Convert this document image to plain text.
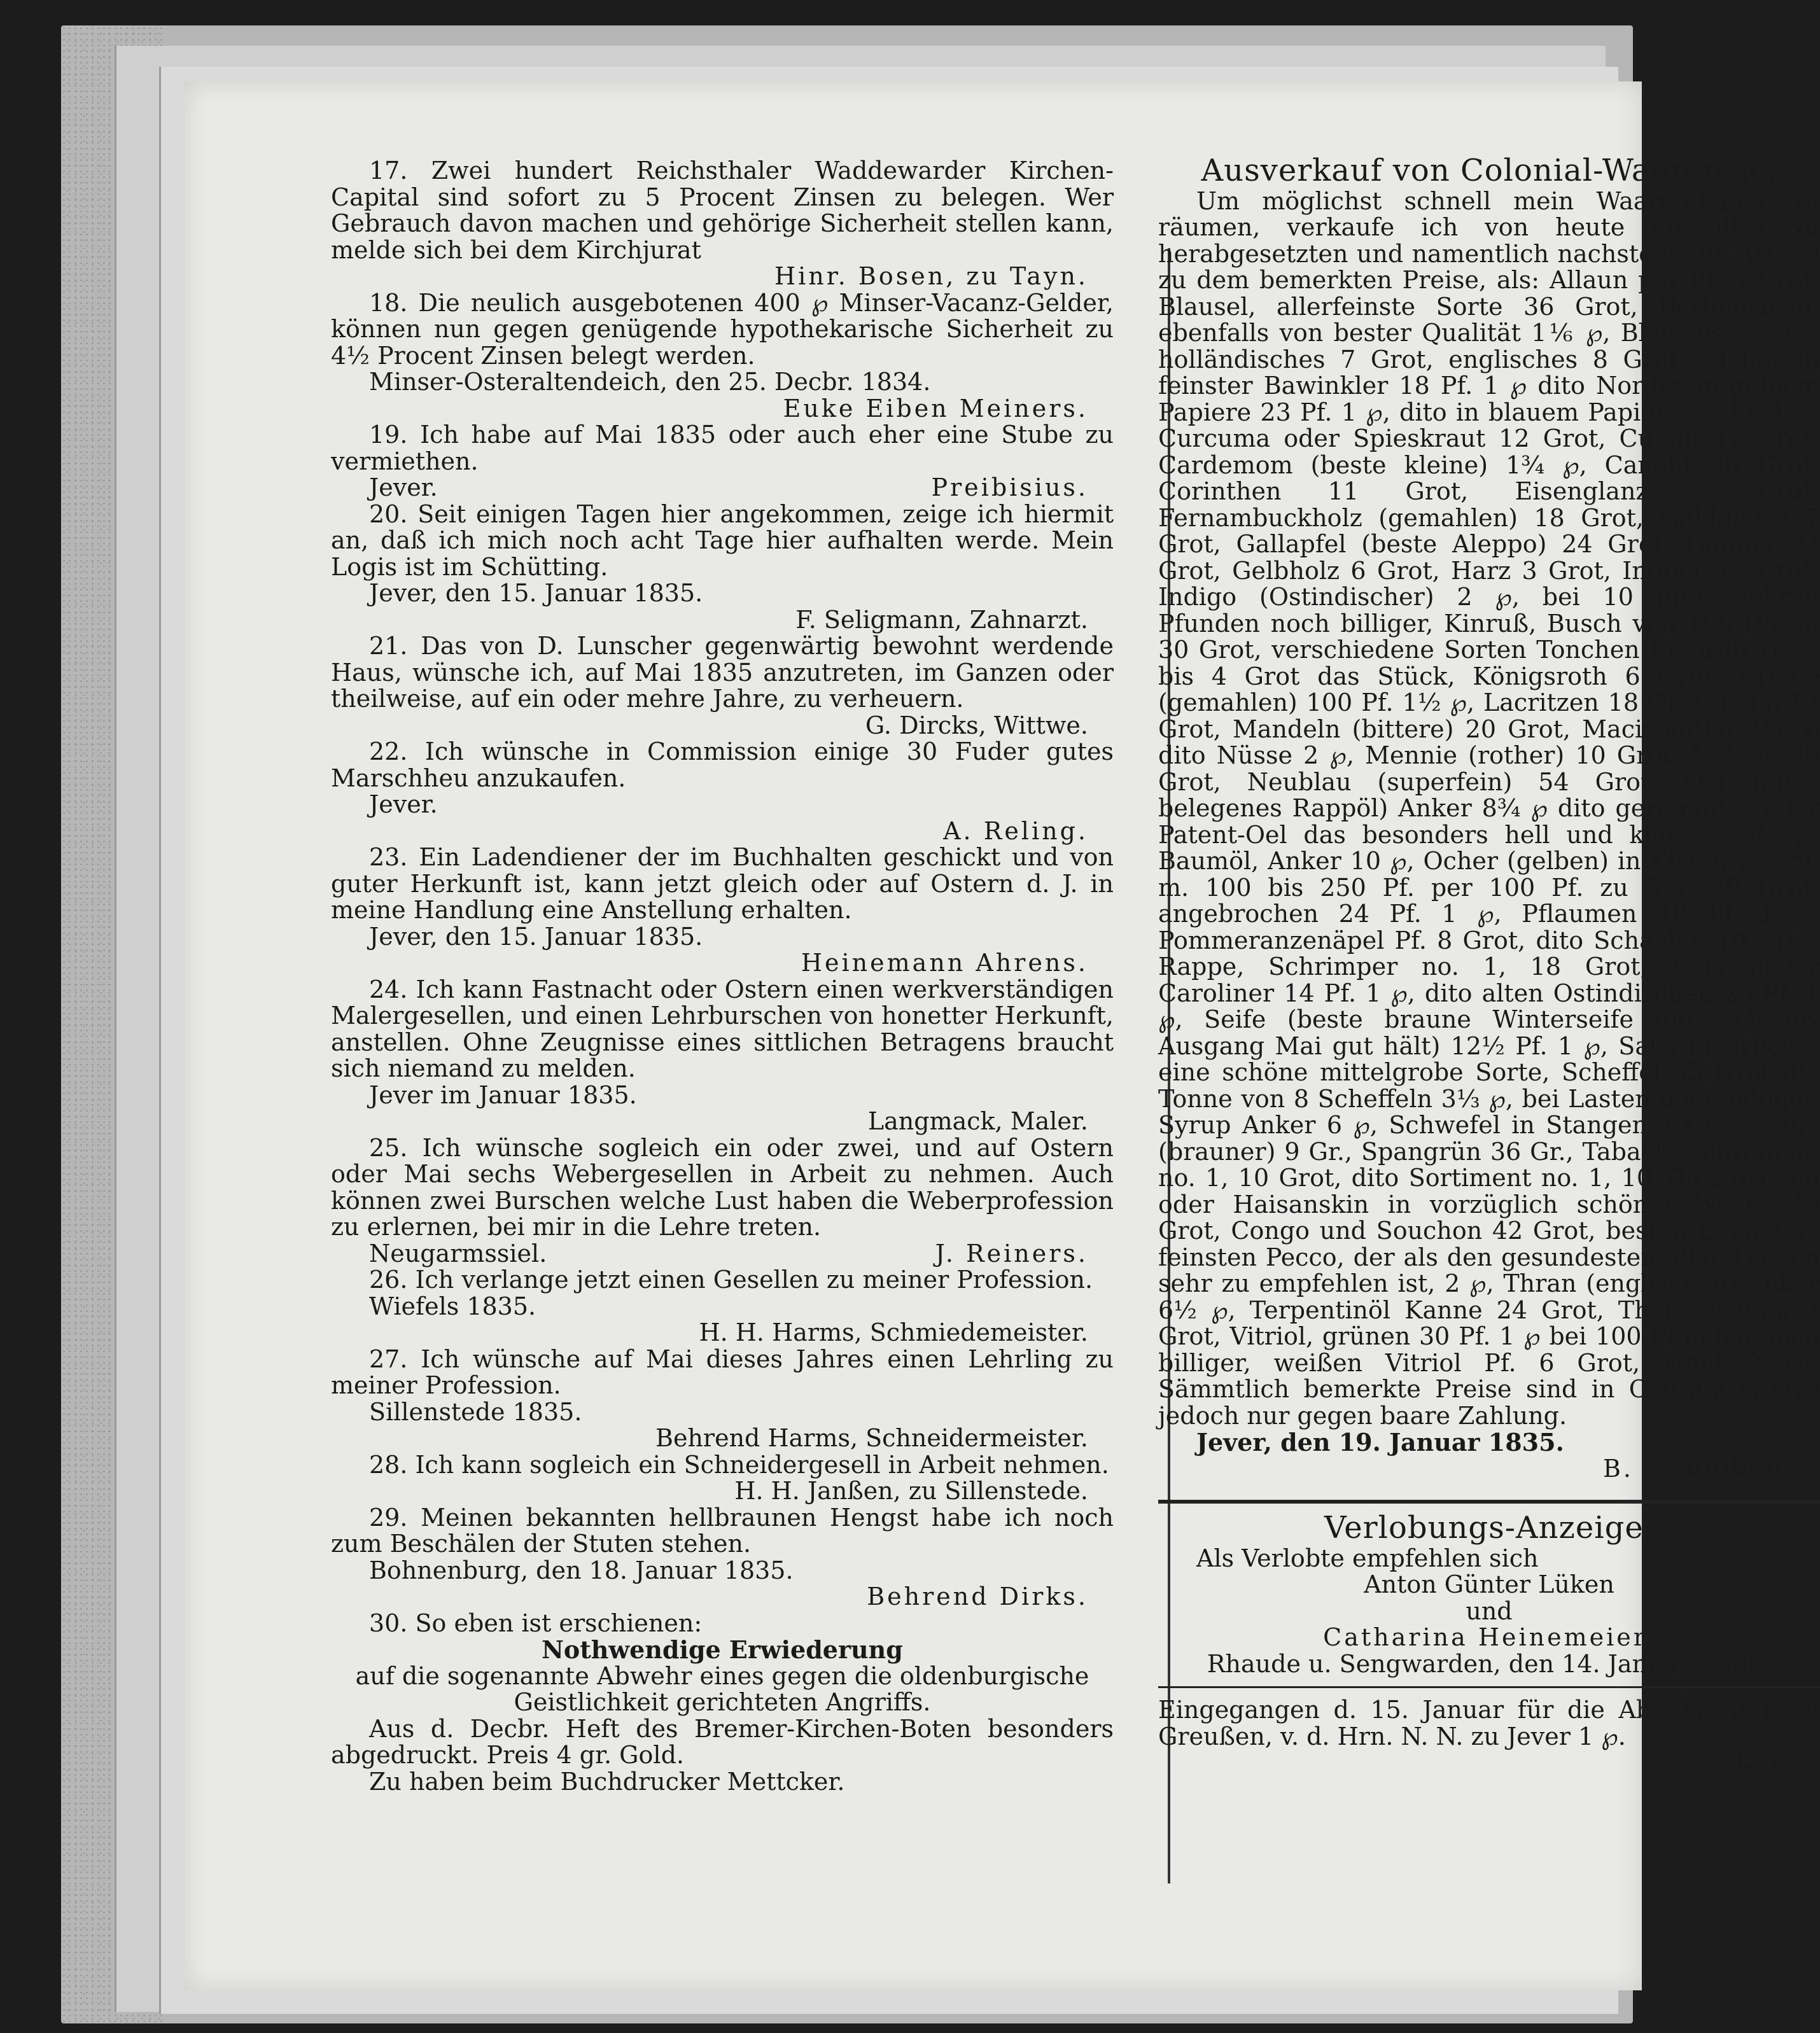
17. Zwei hundert Reichsthaler Waddewarder Kirchen-Capital sind sofort zu 5 Procent Zinsen zu belegen. Wer Gebrauch davon machen und gehörige Sicherheit stellen kann, melde sich bei dem Kirchjurat

Hinr. Bosen, zu Tayn.

18. Die neulich ausgebotenen 400 ℘ Minser-Vacanz-Gelder, können nun gegen genügende hypothekarische Sicherheit zu 4½ Procent Zinsen belegt werden.

Minser-Osteraltendeich, den 25. Decbr. 1834.

Euke Eiben Meiners.

19. Ich habe auf Mai 1835 oder auch eher eine Stube zu vermiethen.

Jever.	Preibisius.

20. Seit einigen Tagen hier angekommen, zeige ich hiermit an, daß ich mich noch acht Tage hier aufhalten werde. Mein Logis ist im Schütting.

Jever, den 15. Januar 1835.

F. Seligmann, Zahnarzt.

21. Das von D. Lunscher gegenwärtig bewohnt werdende Haus, wünsche ich, auf Mai 1835 anzutreten, im Ganzen oder theilweise, auf ein oder mehre Jahre, zu verheuern.

G. Dircks, Wittwe.

22. Ich wünsche in Commission einige 30 Fuder gutes Marschheu anzukaufen.

Jever.

A. Reling.

23. Ein Ladendiener der im Buchhalten geschickt und von guter Herkunft ist, kann jetzt gleich oder auf Ostern d. J. in meine Handlung eine Anstellung erhalten.

Jever, den 15. Januar 1835.

Heinemann Ahrens.

24. Ich kann Fastnacht oder Ostern einen werkverständigen Malergesellen, und einen Lehrburschen von honetter Herkunft, anstellen. Ohne Zeugnisse eines sittlichen Betragens braucht sich niemand zu melden.

Jever im Januar 1835.

Langmack, Maler.

25. Ich wünsche sogleich ein oder zwei, und auf Ostern oder Mai sechs Webergesellen in Arbeit zu nehmen. Auch können zwei Burschen welche Lust haben die Weberprofession zu erlernen, bei mir in die Lehre treten.

Neugarmssiel.	J. Reiners.

26. Ich verlange jetzt einen Gesellen zu meiner Profession.

Wiefels 1835.

H. H. Harms, Schmiedemeister.

27. Ich wünsche auf Mai dieses Jahres einen Lehrling zu meiner Profession.

Sillenstede 1835.

Behrend Harms, Schneidermeister.

28. Ich kann sogleich ein Schneidergesell in Arbeit nehmen.

H. H. Janßen, zu Sillenstede.

29. Meinen bekannten hellbraunen Hengst habe ich noch zum Beschälen der Stuten stehen.

Bohnenburg, den 18. Januar 1835.

Behrend Dirks.

30. So eben ist erschienen:

Nothwendige Erwiederung

auf die sogenannte Abwehr eines gegen die oldenburgische Geistlichkeit gerichteten Angriffs.

Aus d. Decbr. Heft des Bremer-Kirchen-Boten besonders abgedruckt. Preis 4 gr. Gold.

Zu haben beim Buchdrucker Mettcker.

Ausverkauf von Colonial-Waaren ꝛc.

Um möglichst schnell mein Waaren-Lager zu räumen, verkaufe ich von heute an alles zu herabgesetzten und namentlich nachstehende Artikel zu dem bemerkten Preise, als: Allaun per Pf. 4 Grot, Blausel, allerfeinste Sorte 36 Grot, Berlinerblau, ebenfalls von bester Qualität 1⅙ ℘, Bleiweis, bestes holländisches 7 Grot, englisches 8 Grot, Cichorien feinster Bawinkler 18 Pf. 1 ℘ dito Norder in gelbem Papiere 23 Pf. 1 ℘, dito in blauem Papiere 28 Pf. 1 ℘, Curcuma oder Spieskraut 12 Grot, Cumin 12 Grot, Cardemom (beste kleine) 1¾ ℘, Canehl 36 Grot, Corinthen 11 Grot, Eisenglanz 8 Grot, Fernambuckholz (gemahlen) 18 Grot, Goldglätte 7 Grot, Gallapfel (beste Aleppo) 24 Grot, Gummi 24 Grot, Gelbholz 6 Grot, Harz 3 Grot, Ingber 12 Grot, Indigo (Ostindischer) 2 ℘, bei 10 und mehren Pfunden noch billiger, Kinruß, Busch von 100 Dosen 30 Grot, verschiedene Sorten Tonchen Kienruß zu ½ bis 4 Grot das Stück, Königsroth 6 Grot, Kreide (gemahlen) 100 Pf. 1½ ℘, Lacritzen 18 Grot, Leim 12 Grot, Mandeln (bittere) 20 Grot, Macisblüthe 2⅚ ℘ dito Nüsse 2 ℘, Mennie (rother) 10 Grot, Nelken 36 Grot, Neublau (superfein) 54 Grot, Oel (altes belegenes Rappöl) Anker 8¾ ℘ dito gereinigtes oder Patent-Oel das besonders hell und klar ist 9¾ ℘, Baumöl, Anker 10 ℘, Ocher (gelben) in Kisten von pl. m. 100 bis 250 Pf. per 100 Pf. zu 3 ℘ 30 Grot, angebrochen 24 Pf. 1 ℘, Pflaumen 18 Pf. 1 ℘, Pommeranzenäpel Pf. 8 Grot, dito Schaalen 10 Grot. Rappe, Schrimper no. 1, 18 Grot, Reis neuer Caroliner 14 Pf. 1 ℘, dito alten Ostindischen 20 Pf. 1 ℘, Seife (beste braune Winterseife die sich bis Ausgang Mai gut hält) 12½ Pf. 1 ℘, Salz, Liverpoler, eine schöne mittelgrobe Sorte, Scheffel 33 Grot die Tonne von 8 Scheffeln 3⅓ ℘, bei Lasten noch billiger, Syrup Anker 6 ℘, Schwefel in Stangen 4 Grot, Sago (brauner) 9 Gr., Spangrün 36 Gr., Taback, Schrimper, no. 1, 10 Grot, dito Sortiment no. 1, 10 Thee grünen oder Haisanskin in vorzüglich schöner Waare 48 Grot, Congo und Souchon 42 Grot, besten Urim 1 ℘, feinsten Pecco, der als den gesundesten aller Theeen sehr zu empfehlen ist, 2 ℘, Thran (englischen) Anker 6½ ℘, Terpentinöl Kanne 24 Grot, Thon, weißen 3 Grot, Vitriol, grünen 30 Pf. 1 ℘ bei 100 Pfunden noch billiger, weißen Vitriol Pf. 6 Grot, Waid 8 Gr. Sämmtlich bemerkte Preise sind in Courant-Münze jedoch nur gegen baare Zahlung.

Jever, den 19. Januar 1835.

B. C. Boiken.

Verlobungs-Anzeige.

Als Verlobte empfehlen sich

Anton Günter Lüken

und

Catharina Heinemeier.

Rhaude u. Sengwarden, den 14. Januar. 1835.

Eingegangen d. 15. Januar für die Abgebranten zu Greußen, v. d. Hrn. N. N. zu Jever 1 ℘.

K. R.
